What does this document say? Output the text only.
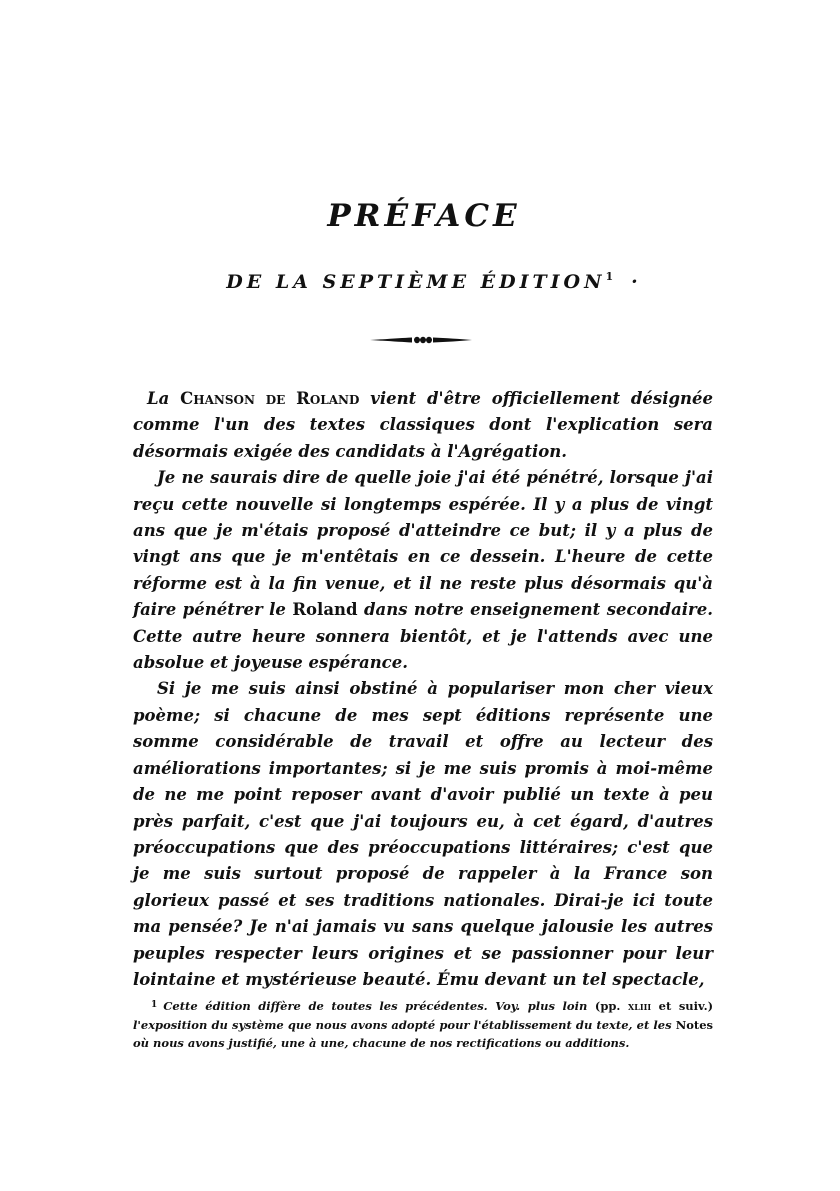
PRÉFACE
DE LA SEPTIÈME $ÉDITION^1$ ·

La Chanson de Roland vient d'être officiellement désignée comme l'un des textes classiques dont l'explication sera désormais exigée des candidats à l'Agrégation.

Je ne saurais dire de quelle joie j'ai été pénétré, lorsque j'ai reçu cette nouvelle si longtemps espérée. Il y a plus de vingt ans que je m'étais proposé d'atteindre ce but; il y a plus de vingt ans que je m'entêtais en ce dessein. L'heure de cette réforme est à la fin venue, et il ne reste plus désormais qu'à faire pénétrer le Roland dans notre enseignement secondaire. Cette autre heure sonnera bientôt, et je l'attends avec une absolue et joyeuse espérance.

Si je me suis ainsi obstiné à populariser mon cher vieux poème; si chacune de mes sept éditions représente une somme considérable de travail et offre au lecteur des améliorations importantes; si je me suis promis à moi-même de ne me point reposer avant d'avoir publié un texte à peu près parfait, c'est que j'ai toujours eu, à cet égard, d'autres préoccupations que des préoccupations littéraires; c'est que je me suis surtout proposé de rappeler à la France son glorieux passé et ses traditions nationales. Dirai-je ici toute ma pensée? Je n'ai jamais vu sans quelque jalousie les autres peuples respecter leurs origines et se passionner pour leur lointaine et mystérieuse beauté. Ému devant un tel spectacle,

$^1$ Cette édition diffère de toutes les précédentes. Voy. plus loin (pp. xliii et suiv.) l'exposition du système que nous avons adopté pour l'établissement du texte, et les Notes où nous avons justifié, une à une, chacune de nos rectifications ou additions.
